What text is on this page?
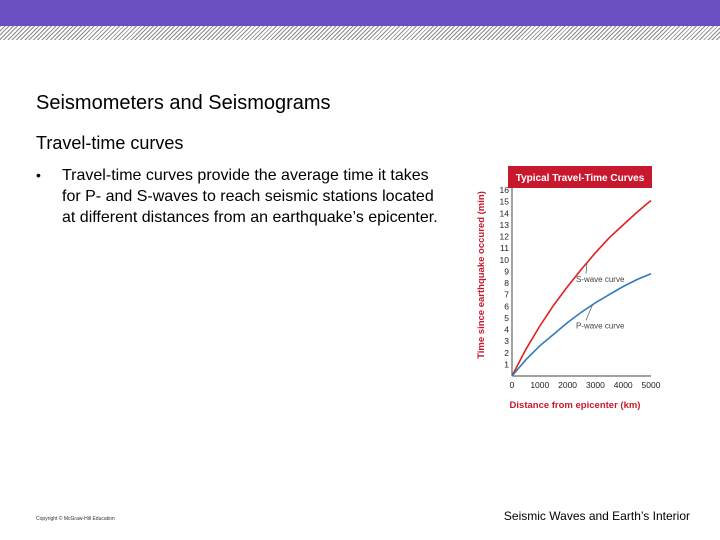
Seismometers and Seismograms
Travel-time curves
• Travel-time curves provide the average time it takes for P- and S-waves to reach seismic stations located at different distances from an earthquake’s epicenter.
Typical Travel-Time Curves
1
2
3
4
5
6
7
8
9
10
11
12
13
14
15
16
0 1000 2000 3000 4000 5000
S-wave curve
P-wave curve
Time since earthquake occured (min)
Distance from epicenter (km)
Copyright © McGraw-Hill Education	Seismic Waves and Earth’s Interior
